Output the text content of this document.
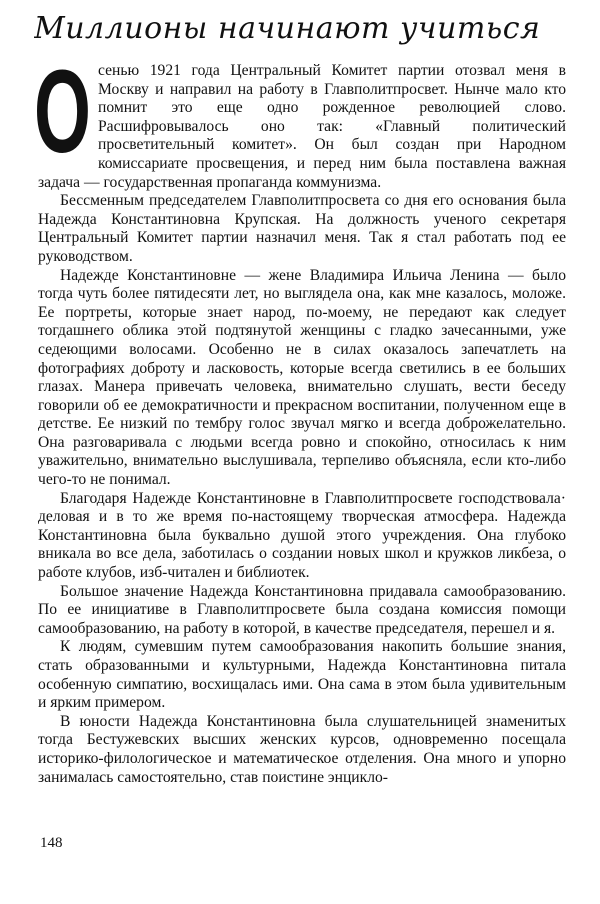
Миллионы начинают учиться

Осенью 1921 года Центральный Комитет партии отозвал меня в Москву и направил на работу в Главполитпросвет. Нынче мало кто помнит это еще одно рожденное революцией слово. Расшифровывалось оно так: «Главный политический просветительный комитет». Он был создан при Народном комиссариате просвещения, и перед ним была поставлена важная задача — государственная пропаганда коммунизма.

Бессменным председателем Главполитпросвета со дня его основания была Надежда Константиновна Крупская. На должность ученого секретаря Центральный Комитет партии назначил меня. Так я стал работать под ее руководством.

Надежде Константиновне — жене Владимира Ильича Ленина — было тогда чуть более пятидесяти лет, но выглядела она, как мне казалось, моложе. Ее портреты, которые знает народ, по-моему, не передают как следует тогдашнего облика этой подтянутой женщины с гладко зачесанными, уже седеющими волосами. Особенно не в силах оказалось запечатлеть на фотографиях доброту и ласковость, которые всегда светились в ее больших глазах. Манера привечать человека, внимательно слушать, вести беседу говорили об ее демократичности и прекрасном воспитании, полученном еще в детстве. Ее низкий по тембру голос звучал мягко и всегда доброжелательно. Она разговаривала с людьми всегда ровно и спокойно, относилась к ним уважительно, внимательно выслушивала, терпеливо объясняла, если кто-либо чего-то не понимал.

Благодаря Надежде Константиновне в Главполитпросвете господствовала· деловая и в то же время по-настоящему творческая атмосфера. Надежда Константиновна была буквально душой этого учреждения. Она глубоко вникала во все дела, заботилась о создании новых школ и кружков ликбеза, о работе клубов, изб-читален и библиотек.

Большое значение Надежда Константиновна придавала самообразованию. По ее инициативе в Главполитпросвете была создана комиссия помощи самообразованию, на работу в которой, в качестве председателя, перешел и я.

К людям, сумевшим путем самообразования накопить большие знания, стать образованными и культурными, Надежда Константиновна питала особенную симпатию, восхищалась ими. Она сама в этом была удивительным и ярким примером.

В юности Надежда Константиновна была слушательницей знаменитых тогда Бестужевских высших женских курсов, одновременно посещала историко-филологическое и математическое отделения. Она много и упорно занималась самостоятельно, став поистине энцикло-

148
